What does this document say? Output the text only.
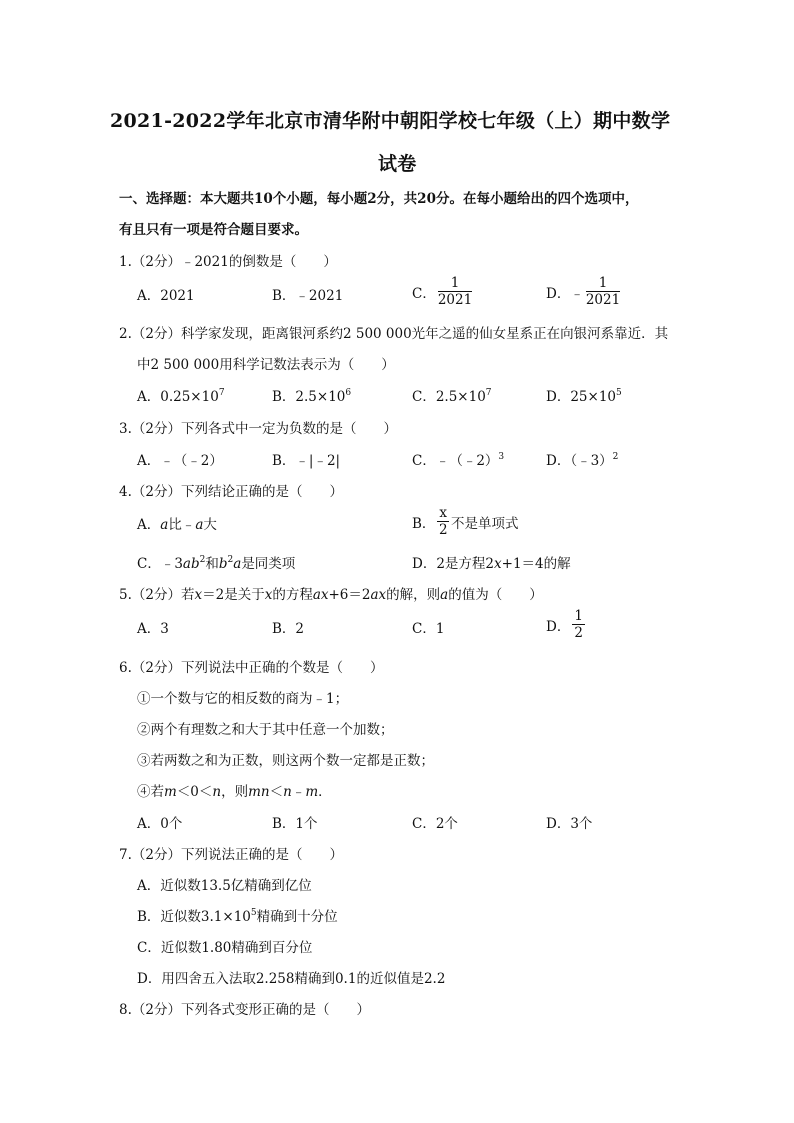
2021-2022学年北京市清华附中朝阳学校七年级（上）期中数学
试卷
一、选择题：本大题共10个小题，每小题2分，共20分。在每小题给出的四个选项中，
有且只有一项是符合题目要求。
1.（2分）﹣2021的倒数是（　　）
A．2021	B．﹣2021	C． $\frac{1}{2021}$	D．﹣ $\frac{1}{2021}$
2.（2分）科学家发现，距离银河系约2 500 000光年之遥的仙女星系正在向银河系靠近．其
中2 500 000用科学记数法表示为（　　）
A．$0.25\times 10^7$	B．$2.5\times 10^6$	C．$2.5\times 10^7$	D．$25\times 10^5$
3.（2分）下列各式中一定为负数的是（　　）
A．﹣（﹣2）	B．﹣|﹣2|	C．﹣（﹣2）$^3$	D．（﹣3）$^2$
4.（2分）下列结论正确的是（　　）
A．a比﹣a大	B． $\frac{x}{2}$ 不是单项式
C．$﹣3ab^2$和$b^2a$是同类项	D．2是方程2x+1＝4的解
5.（2分）若x＝2是关于x的方程ax+6＝2ax的解，则a的值为（　　）
A．3	B．2	C．1	D． $\frac{1}{2}$
6.（2分）下列说法中正确的个数是（　　）
①一个数与它的相反数的商为﹣1；
②两个有理数之和大于其中任意一个加数；
③若两数之和为正数，则这两个数一定都是正数；
④若m＜0＜n，则mn＜n﹣m．
A．0个	B．1个	C．2个	D．3个
7.（2分）下列说法正确的是（　　）
A．近似数13.5亿精确到亿位
B．近似数$3.1\times 10^5$精确到十分位
C．近似数1.80精确到百分位
D．用四舍五入法取2.258精确到0.1的近似值是2.2
8.（2分）下列各式变形正确的是（　　）
